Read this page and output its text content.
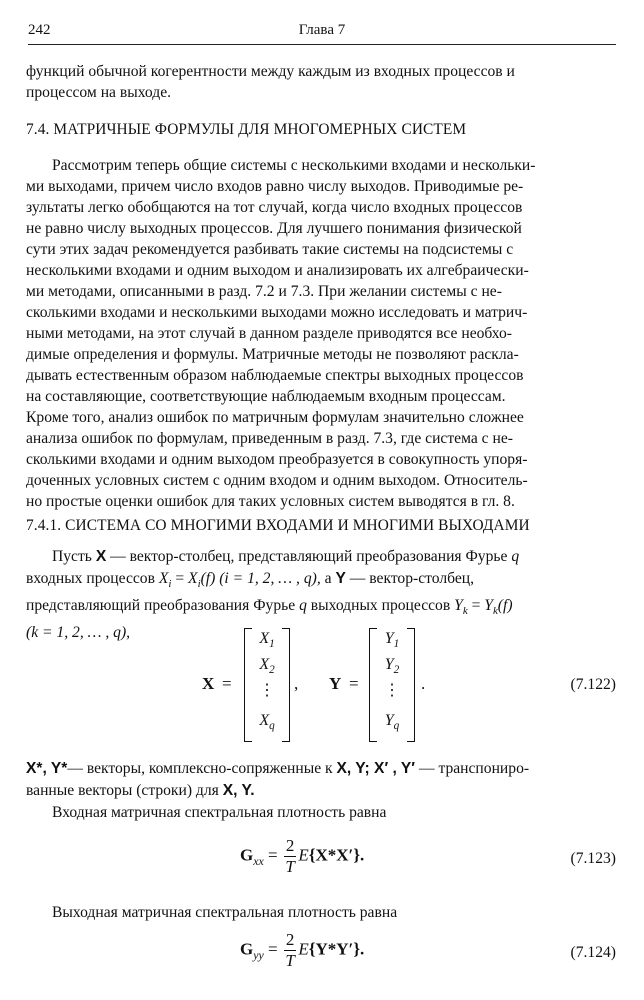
242	Глава 7

функций обычной когерентности между каждым из входных процессов и

процессом на выходе.

7.4. МАТРИЧНЫЕ ФОРМУЛЫ ДЛЯ МНОГОМЕРНЫХ СИСТЕМ

Рассмотрим теперь общие системы с несколькими входами и нескольки-

ми выходами, причем число входов равно числу выходов. Приводимые ре-

зультаты легко обобщаются на тот случай, когда число входных процессов

не равно числу выходных процессов. Для лучшего понимания физической

сути этих задач рекомендуется разбивать такие системы на подсистемы с

несколькими входами и одним выходом и анализировать их алгебраически-

ми методами, описанными в разд. 7.2 и 7.3. При желании системы с не-

сколькими входами и несколькими выходами можно исследовать и матрич-

ными методами, на этот случай в данном разделе приводятся все необхо-

димые определения и формулы. Матричные методы не позволяют раскла-

дывать естественным образом наблюдаемые спектры выходных процессов

на составляющие, соответствующие наблюдаемым входным процессам.

Кроме того, анализ ошибок по матричным формулам значительно сложнее

анализа ошибок по формулам, приведенным в разд. 7.3, где система с не-

сколькими входами и одним выходом преобразуется в совокупность упоря-

доченных условных систем с одним входом и одним выходом. Относитель-

но простые оценки ошибок для таких условных систем выводятся в гл. 8.

7.4.1. СИСТЕМА СО МНОГИМИ ВХОДАМИ И МНОГИМИ ВЫХОДАМИ

Пусть X — вектор-столбец, представляющий преобразования Фурье q

входных процессов $X_i = X_i(f) (i = 1$, 2, … , q), а Y — вектор-столбец,

представляющий преобразования Фурье q выходных процессов $Y_k = Y_k(f)$

(k = 1, 2, … , q),

X =
$X_1$
$X_2$
⋮
$X_q$
, Y =
$Y_1$
$Y_2$
⋮
$Y_q$
.	(7.122)

X*, Y*— векторы, комплексно-сопряженные к X, Y; X′ , Y′ — транспониро-

ванные векторы (строки) для X, Y.

Входная матричная спектральная плотность равна

$G_{xx} = \frac{2}{T} E\{X*X'\}$.	(7.123)

Выходная матричная спектральная плотность равна

$G_{yy} = \frac{2}{T} E\{Y*Y'\}$.	(7.124)
